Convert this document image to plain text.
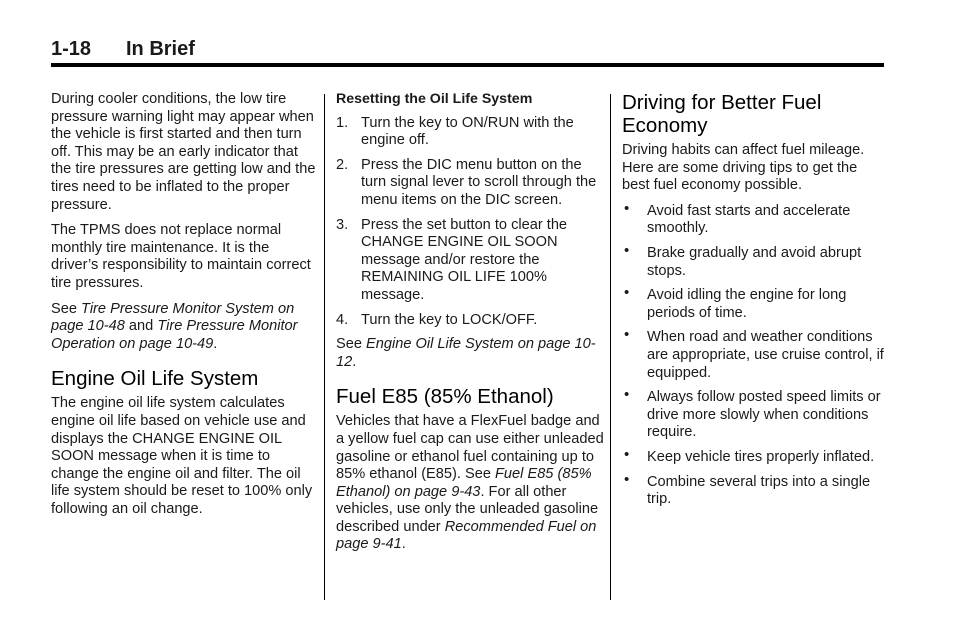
1-18 In Brief

During cooler conditions, the low tire pressure warning light may appear when the vehicle is first started and then turn off. This may be an early indicator that the tire pressures are getting low and the tires need to be inflated to the proper pressure.

The TPMS does not replace normal monthly tire maintenance. It is the driver’s responsibility to maintain correct tire pressures.

See Tire Pressure Monitor System on page 10-48 and Tire Pressure Monitor Operation on page 10-49.

Engine Oil Life System

The engine oil life system calculates engine oil life based on vehicle use and displays the CHANGE ENGINE OIL SOON message when it is time to change the engine oil and filter. The oil life system should be reset to 100% only following an oil change.

Resetting the Oil Life System
1. Turn the key to ON/RUN with the engine off.
2. Press the DIC menu button on the turn signal lever to scroll through the menu items on the DIC screen.
3. Press the set button to clear the CHANGE ENGINE OIL SOON message and/or restore the REMAINING OIL LIFE 100% message.
4. Turn the key to LOCK/OFF.

See Engine Oil Life System on page 10-12.

Fuel E85 (85% Ethanol)

Vehicles that have a FlexFuel badge and a yellow fuel cap can use either unleaded gasoline or ethanol fuel containing up to 85% ethanol (E85). See Fuel E85 (85% Ethanol) on page 9-43. For all other vehicles, use only the unleaded gasoline described under Recommended Fuel on page 9-41.

Driving for Better Fuel Economy

Driving habits can affect fuel mileage. Here are some driving tips to get the best fuel economy possible.

• Avoid fast starts and accelerate smoothly.
• Brake gradually and avoid abrupt stops.
• Avoid idling the engine for long periods of time.
• When road and weather conditions are appropriate, use cruise control, if equipped.
• Always follow posted speed limits or drive more slowly when conditions require.
• Keep vehicle tires properly inflated.
• Combine several trips into a single trip.
